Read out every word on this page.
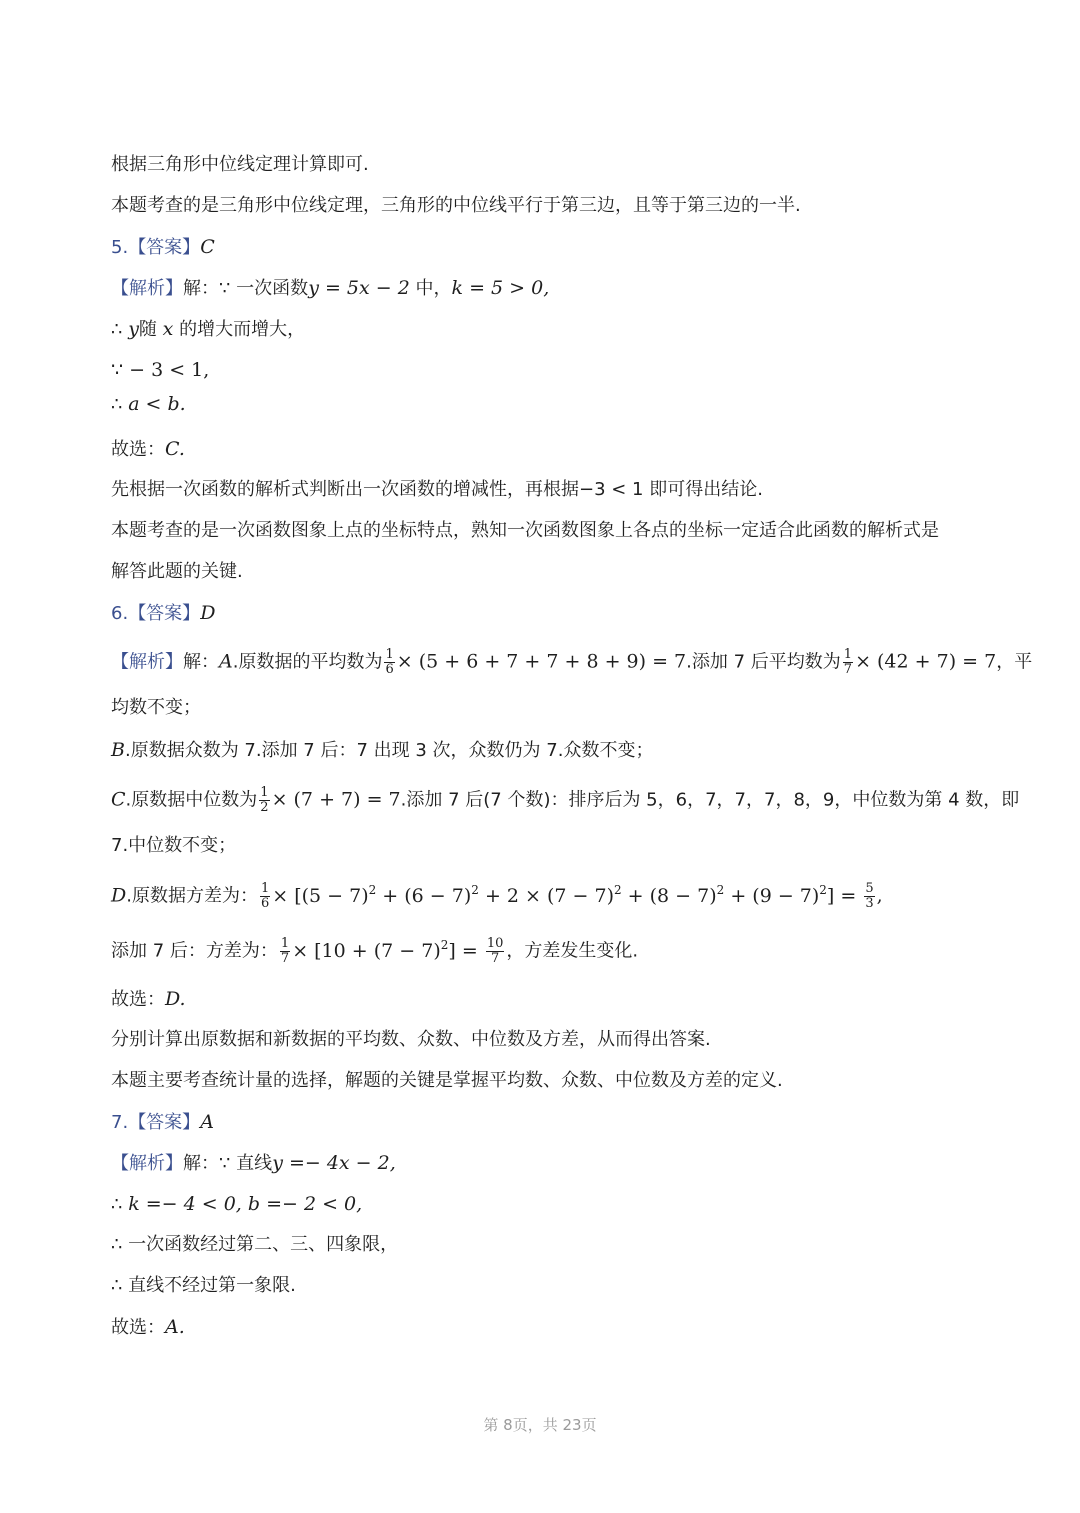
根据三角形中位线定理计算即可.
本题考查的是三角形中位线定理，三角形的中位线平行于第三边，且等于第三边的一半.
5.【答案】C
【解析】解：∵ 一次函数y = 5x − 2 中，k = 5 > 0,
∴ y随 x 的增大而增大，
∵ − 3 < 1,
∴ a < b.
故选：C.
先根据一次函数的解析式判断出一次函数的增减性，再根据−3 < 1 即可得出结论.
本题考查的是一次函数图象上点的坐标特点，熟知一次函数图象上各点的坐标一定适合此函数的解析式是
解答此题的关键.
6.【答案】D
【解析】解：A.原数据的平均数为 $\frac{1}{6} \times (5 + 6 + 7 + 7 + 8 + 9) = 7$.添加 7 后平均数为 $\frac{1}{7} \times (42 + 7) = 7$，平
均数不变；
B.原数据众数为 7.添加 7 后：7 出现 3 次，众数仍为 7.众数不变；
C.原数据中位数为 $\frac{1}{2} \times (7 + 7) = 7$.添加 7 后(7 个数)：排序后为 5，6，7，7，7，8，9，中位数为第 4 数，即
7.中位数不变；
D.原数据方差为： $\frac{1}{6} \times [(5 - 7)^2 + (6 - 7)^2 + 2 \times (7 - 7)^2 + (8 - 7)^2 + (9 - 7)^2] = \frac{5}{3}$ ,
添加 7 后：方差为： $\frac{1}{7} \times [10 + (7 - 7)^2] = \frac{10}{7}$ ，方差发生变化.
故选：D.
分别计算出原数据和新数据的平均数、众数、中位数及方差，从而得出答案.
本题主要考查统计量的选择，解题的关键是掌握平均数、众数、中位数及方差的定义.
7.【答案】A
【解析】解：∵ 直线y =− 4x − 2,
∴ k =− 4 < 0, b =− 2 < 0,
∴ 一次函数经过第二、三、四象限，
∴ 直线不经过第一象限.
故选：A.
第 8页，共 23页
